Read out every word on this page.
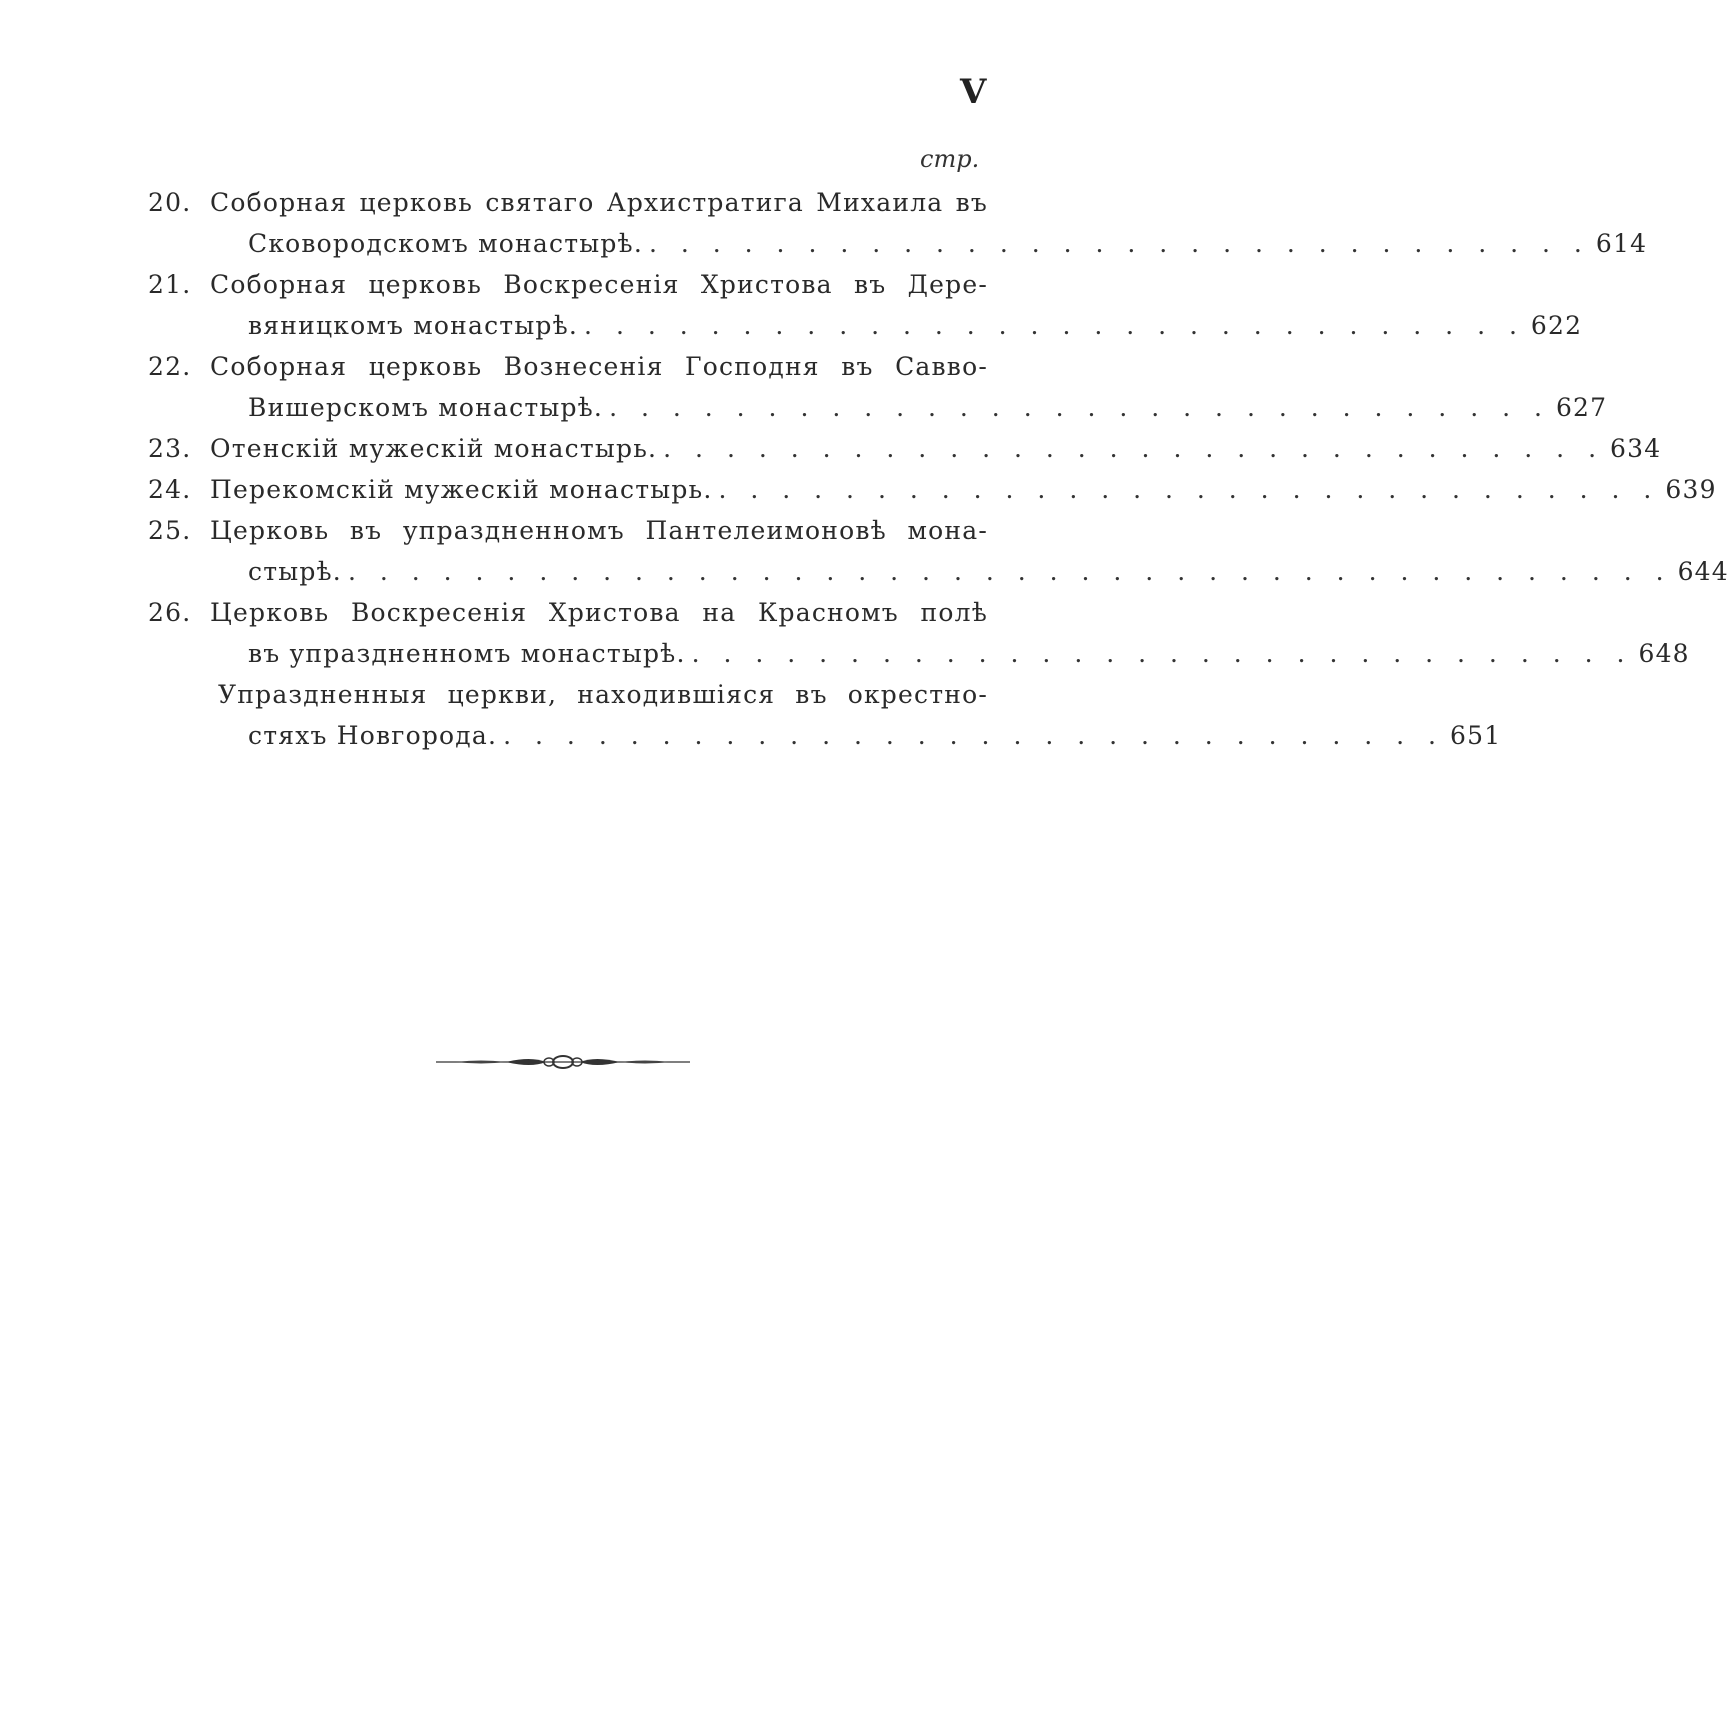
V
стр.
20. Соборная церковь святаго Архистратига Михаила въ
Сковородскомъ монастырѣ. . . . . . . . . . . . . . . . . . . . . . . . . . . . . . . 614
21. Соборная церковь Воскресенія Христова въ Дере-
вяницкомъ монастырѣ. . . . . . . . . . . . . . . . . . . . . . . . . . . . . . . 622
22. Соборная церковь Вознесенія Господня въ Савво-
Вишерскомъ монастырѣ. . . . . . . . . . . . . . . . . . . . . . . . . . . . . . . 627
23. Отенскій мужескій монастырь. . . . . . . . . . . . . . . . . . . . . . . . . . . . . . . 634
24. Перекомскій мужескій монастырь. . . . . . . . . . . . . . . . . . . . . . . . . . . . . . . 639
25. Церковь въ упраздненномъ Пантелеимоновѣ мона-
стырѣ. . . . . . . . . . . . . . . . . . . . . . . . . . . . . . . . . . . . . . . . . . . 644
26. Церковь Воскресенія Христова на Красномъ полѣ
въ упраздненномъ монастырѣ. . . . . . . . . . . . . . . . . . . . . . . . . . . . . . . 648
Упраздненныя церкви, находившіяся въ окрестно-
стяхъ Новгорода. . . . . . . . . . . . . . . . . . . . . . . . . . . . . . . 651
